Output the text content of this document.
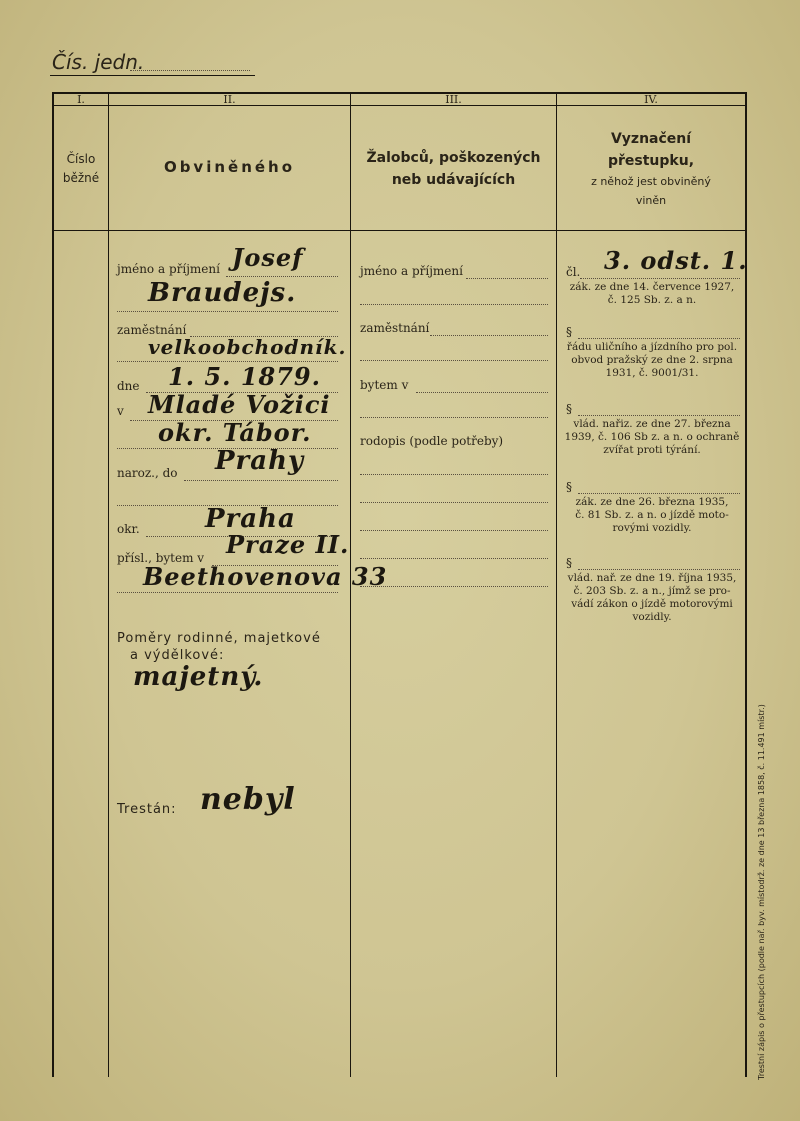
Čís. jedn.
I.	II.	III.	IV.
Číslo
běžné
Obviněného	Žalobců, poškozených
neb udávajících
Vyznačení
přestupku,
z něhož jest obviněný
viněn
jméno a příjmení Josef
Braudejs.
zaměstnání
velkoobchodník.
dne 1. 5. 1879.
v Mladé Vožici
okr. Tábor.
naroz., do Prahy
okr.	Praha
přísl., bytem v Praze II.
Beethovenova 33
Poměry rodinné, majetkové
a výdělkové:
majetný.
Trestán: nebyl
jméno a příjmení
zaměstnání
bytem v
rodopis (podle potřeby)
čl. 3. odst. 1.
zák. ze dne 14. července 1927,
č. 125 Sb. z. a n.
§
řádu uličního a jízdního pro pol.
obvod pražský ze dne 2. srpna
1931, č. 9001/31.
§
vlád. nařiz. ze dne 27. března
1939, č. 106 Sb z. a n. o ochraně
zvířat proti týrání.
§
zák. ze dne 26. března 1935,
č. 81 Sb. z. a n. o jízdě moto-
rovými vozidly.
§
vlád. nař. ze dne 19. října 1935,
č. 203 Sb. z. a n., jímž se pro-
vádí zákon o jízdě motorovými
vozidly.
Trestní zápis o přestupcích (podle nař. byv. místodrž. ze dne 13 března 1858, č. 11.491 místr.)
